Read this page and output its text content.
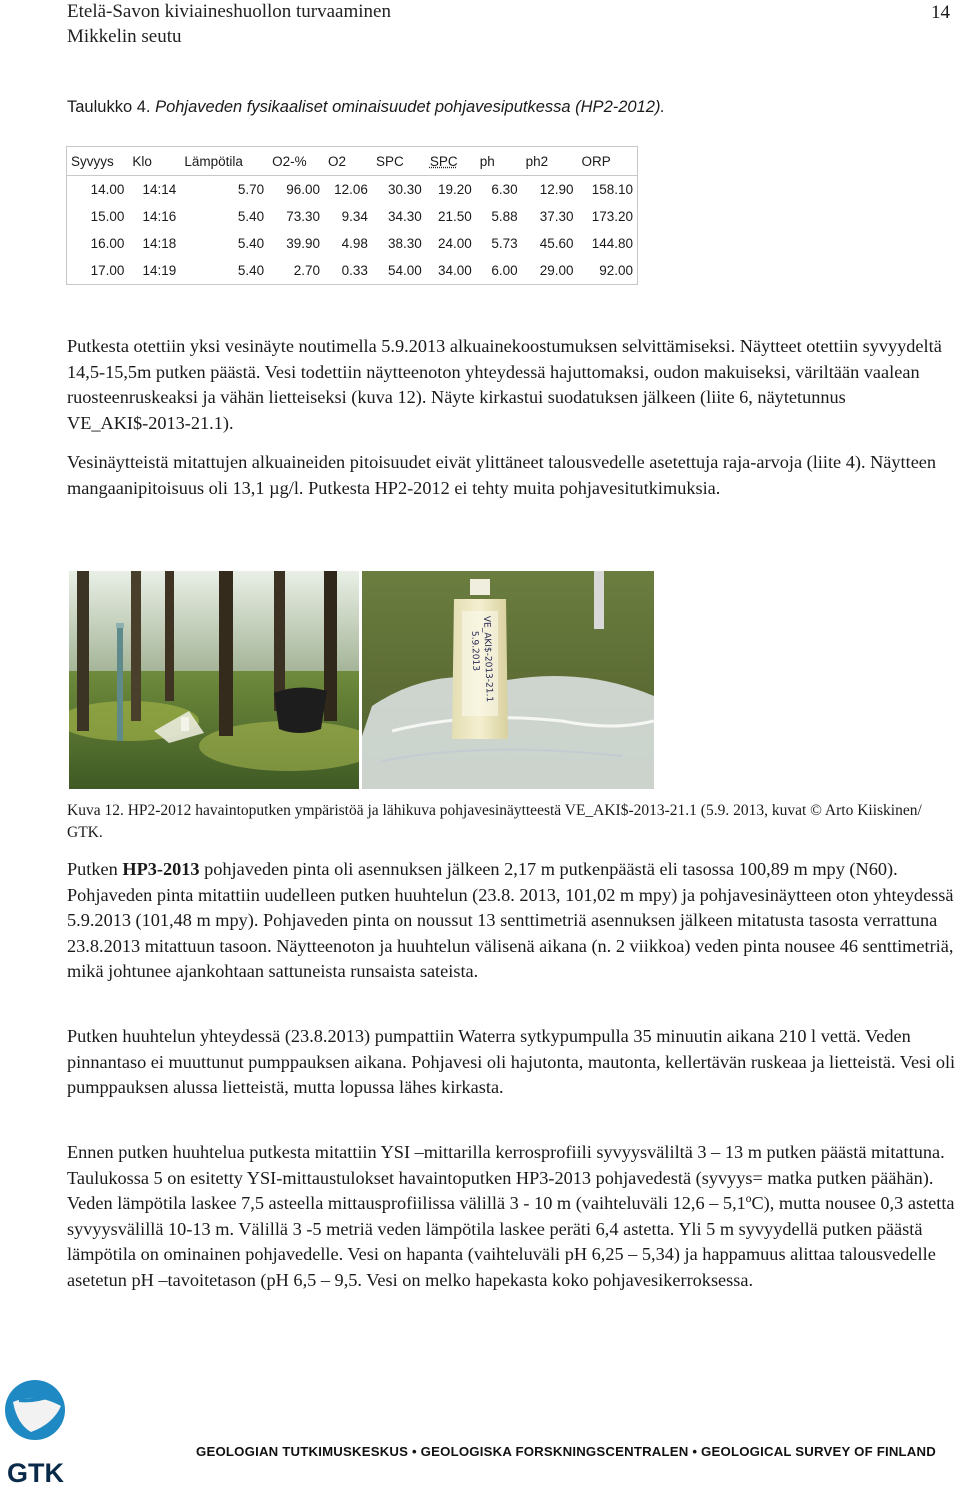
Etelä-Savon kiviaineshuollon turvaaminen
Mikkelin seutu
14
Taulukko 4. Pohjaveden fysikaaliset ominaisuudet pohjavesiputkessa (HP2-2012).
Syvyys	Klo	Lämpötila	O2-%	O2	SPC	SPC	ph	ph2	ORP
14.00	14:14	5.70	96.00	12.06	30.30	19.20	6.30	12.90	158.10
15.00	14:16	5.40	73.30	9.34	34.30	21.50	5.88	37.30	173.20
16.00	14:18	5.40	39.90	4.98	38.30	24.00	5.73	45.60	144.80
17.00	14:19	5.40	2.70	0.33	54.00	34.00	6.00	29.00	92.00
Putkesta otettiin yksi vesinäyte noutimella 5.9.2013 alkuainekoostumuksen selvittämiseksi. Näytteet otettiin syvyydeltä 14,5-15,5m putken päästä. Vesi todettiin näytteenoton yhteydessä hajuttomaksi, oudon makuiseksi, väriltään vaalean ruosteenruskeaksi ja vähän lietteiseksi (kuva 12). Näyte kirkastui suodatuksen jälkeen (liite 6, näytetunnus VE_AKI$-2013-21.1).
Vesinäytteistä mitattujen alkuaineiden pitoisuudet eivät ylittäneet talousvedelle asetettuja raja-arvoja (liite 4). Näytteen mangaanipitoisuus oli 13,1 µg/l. Putkesta HP2-2012 ei tehty muita pohjavesitutkimuksia.
VE_AKI$-2013-21.1
5.9.2013
Kuva 12. HP2-2012 havaintoputken ympäristöä ja lähikuva pohjavesinäytteestä VE_AKI$-2013-21.1 (5.9. 2013, kuvat © Arto Kiiskinen/ GTK.
Putken HP3-2013 pohjaveden pinta oli asennuksen jälkeen 2,17 m putkenpäästä eli tasossa 100,89 m mpy (N60). Pohjaveden pinta mitattiin uudelleen putken huuhtelun (23.8. 2013, 101,02 m mpy) ja pohjavesinäytteen oton yhteydessä 5.9.2013 (101,48 m mpy). Pohjaveden pinta on noussut 13 senttimetriä asennuksen jälkeen mitatusta tasosta verrattuna 23.8.2013 mitattuun tasoon. Näytteenoton ja huuhtelun välisenä aikana (n. 2 viikkoa) veden pinta nousee 46 senttimetriä, mikä johtunee ajankohtaan sattuneista runsaista sateista.
Putken huuhtelun yhteydessä (23.8.2013) pumpattiin Waterra sytkypumpulla 35 minuutin aikana 210 l vettä. Veden pinnantaso ei muuttunut pumppauksen aikana. Pohjavesi oli hajutonta, mautonta, kellertävän ruskeaa ja lietteistä. Vesi oli pumppauksen alussa lietteistä, mutta lopussa lähes kirkasta.
Ennen putken huuhtelua putkesta mitattiin YSI –mittarilla kerrosprofiili syvyysväliltä 3 – 13 m putken päästä mitattuna. Taulukossa 5 on esitetty YSI-mittaustulokset havaintoputken HP3-2013 pohjavedestä (syvyys= matka putken päähän). Veden lämpötila laskee 7,5 asteella mittausprofiilissa välillä 3 - 10 m (vaihteluväli 12,6 – 5,1ºC), mutta nousee 0,3 astetta syvyysvälillä 10-13 m. Välillä 3 -5 metriä veden lämpötila laskee peräti 6,4 astetta. Yli 5 m syvyydellä putken päästä lämpötila on ominainen pohjavedelle. Vesi on hapanta (vaihteluväli pH 6,25 – 5,34) ja happamuus alittaa talousvedelle asetetun pH –tavoitetason (pH 6,5 – 9,5. Vesi on melko hapekasta koko pohjavesikerroksessa.
GTK
GEOLOGIAN TUTKIMUSKESKUS • GEOLOGISKA FORSKNINGSCENTRALEN • GEOLOGICAL SURVEY OF FINLAND
